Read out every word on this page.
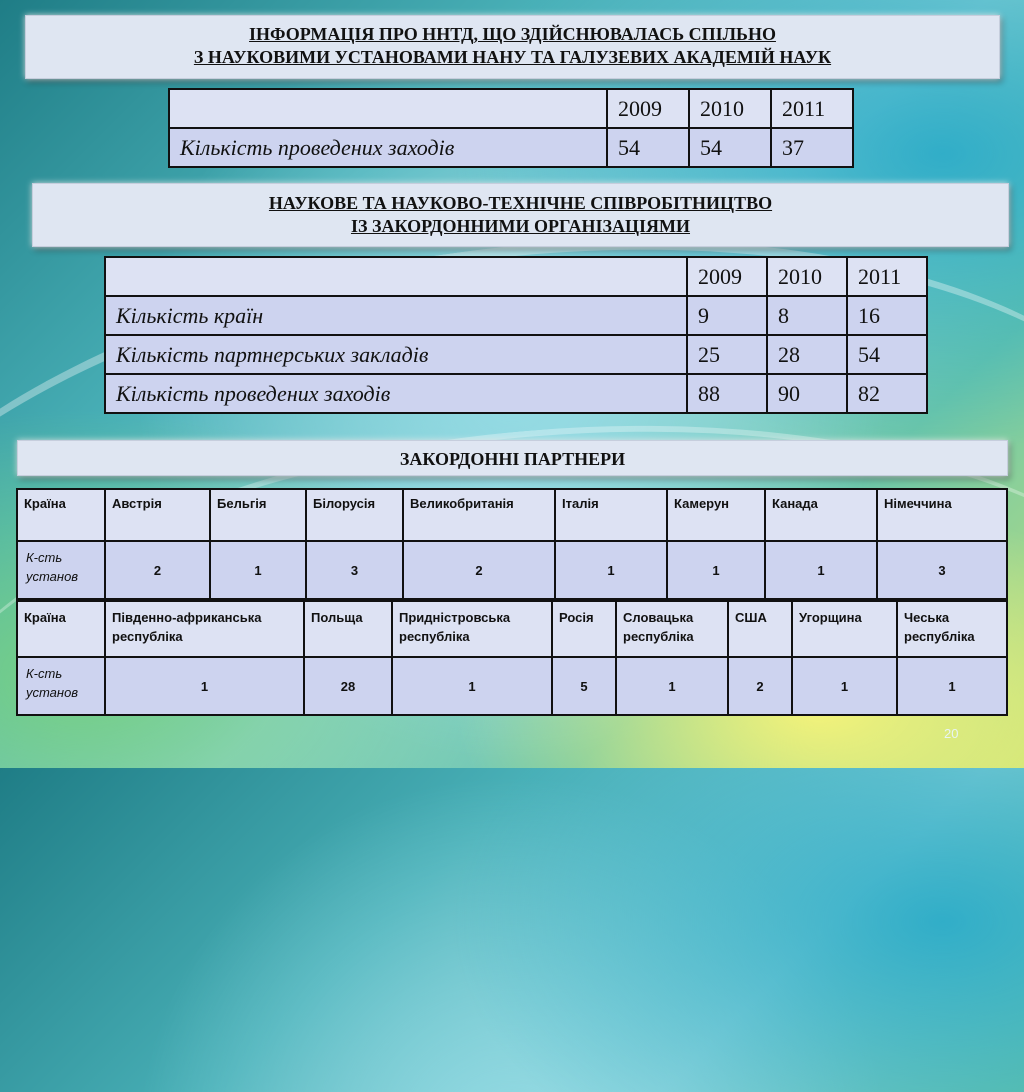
ІНФОРМАЦІЯ ПРО ННТД, ЩО ЗДІЙСНЮВАЛАСЬ СПІЛЬНО
З НАУКОВИМИ УСТАНОВАМИ НАНУ ТА ГАЛУЗЕВИХ АКАДЕМІЙ НАУК
	2009	2010	2011
Кількість проведених заходів	54	54	37
НАУКОВЕ ТА НАУКОВО-ТЕХНІЧНЕ СПІВРОБІТНИЦТВО
ІЗ ЗАКОРДОННИМИ ОРГАНІЗАЦІЯМИ
	2009	2010	2011
Кількість країн	9	8	16
Кількість партнерських закладів	25	28	54
Кількість проведених заходів	88	90	82
ЗАКОРДОННІ ПАРТНЕРИ
Країна	Австрія	Бельгія	Білорусія	Великобританія	Італія	Камерун	Канада	Німеччина
К-сть
установ	2	1	3	2	1	1	1	3
Країна	Південно-африканська республіка	Польща	Придністровська республіка	Росія	Словацька республіка	США	Угорщина	Чеська республіка
К-сть
установ	1	28	1	5	1	2	1	1
20
